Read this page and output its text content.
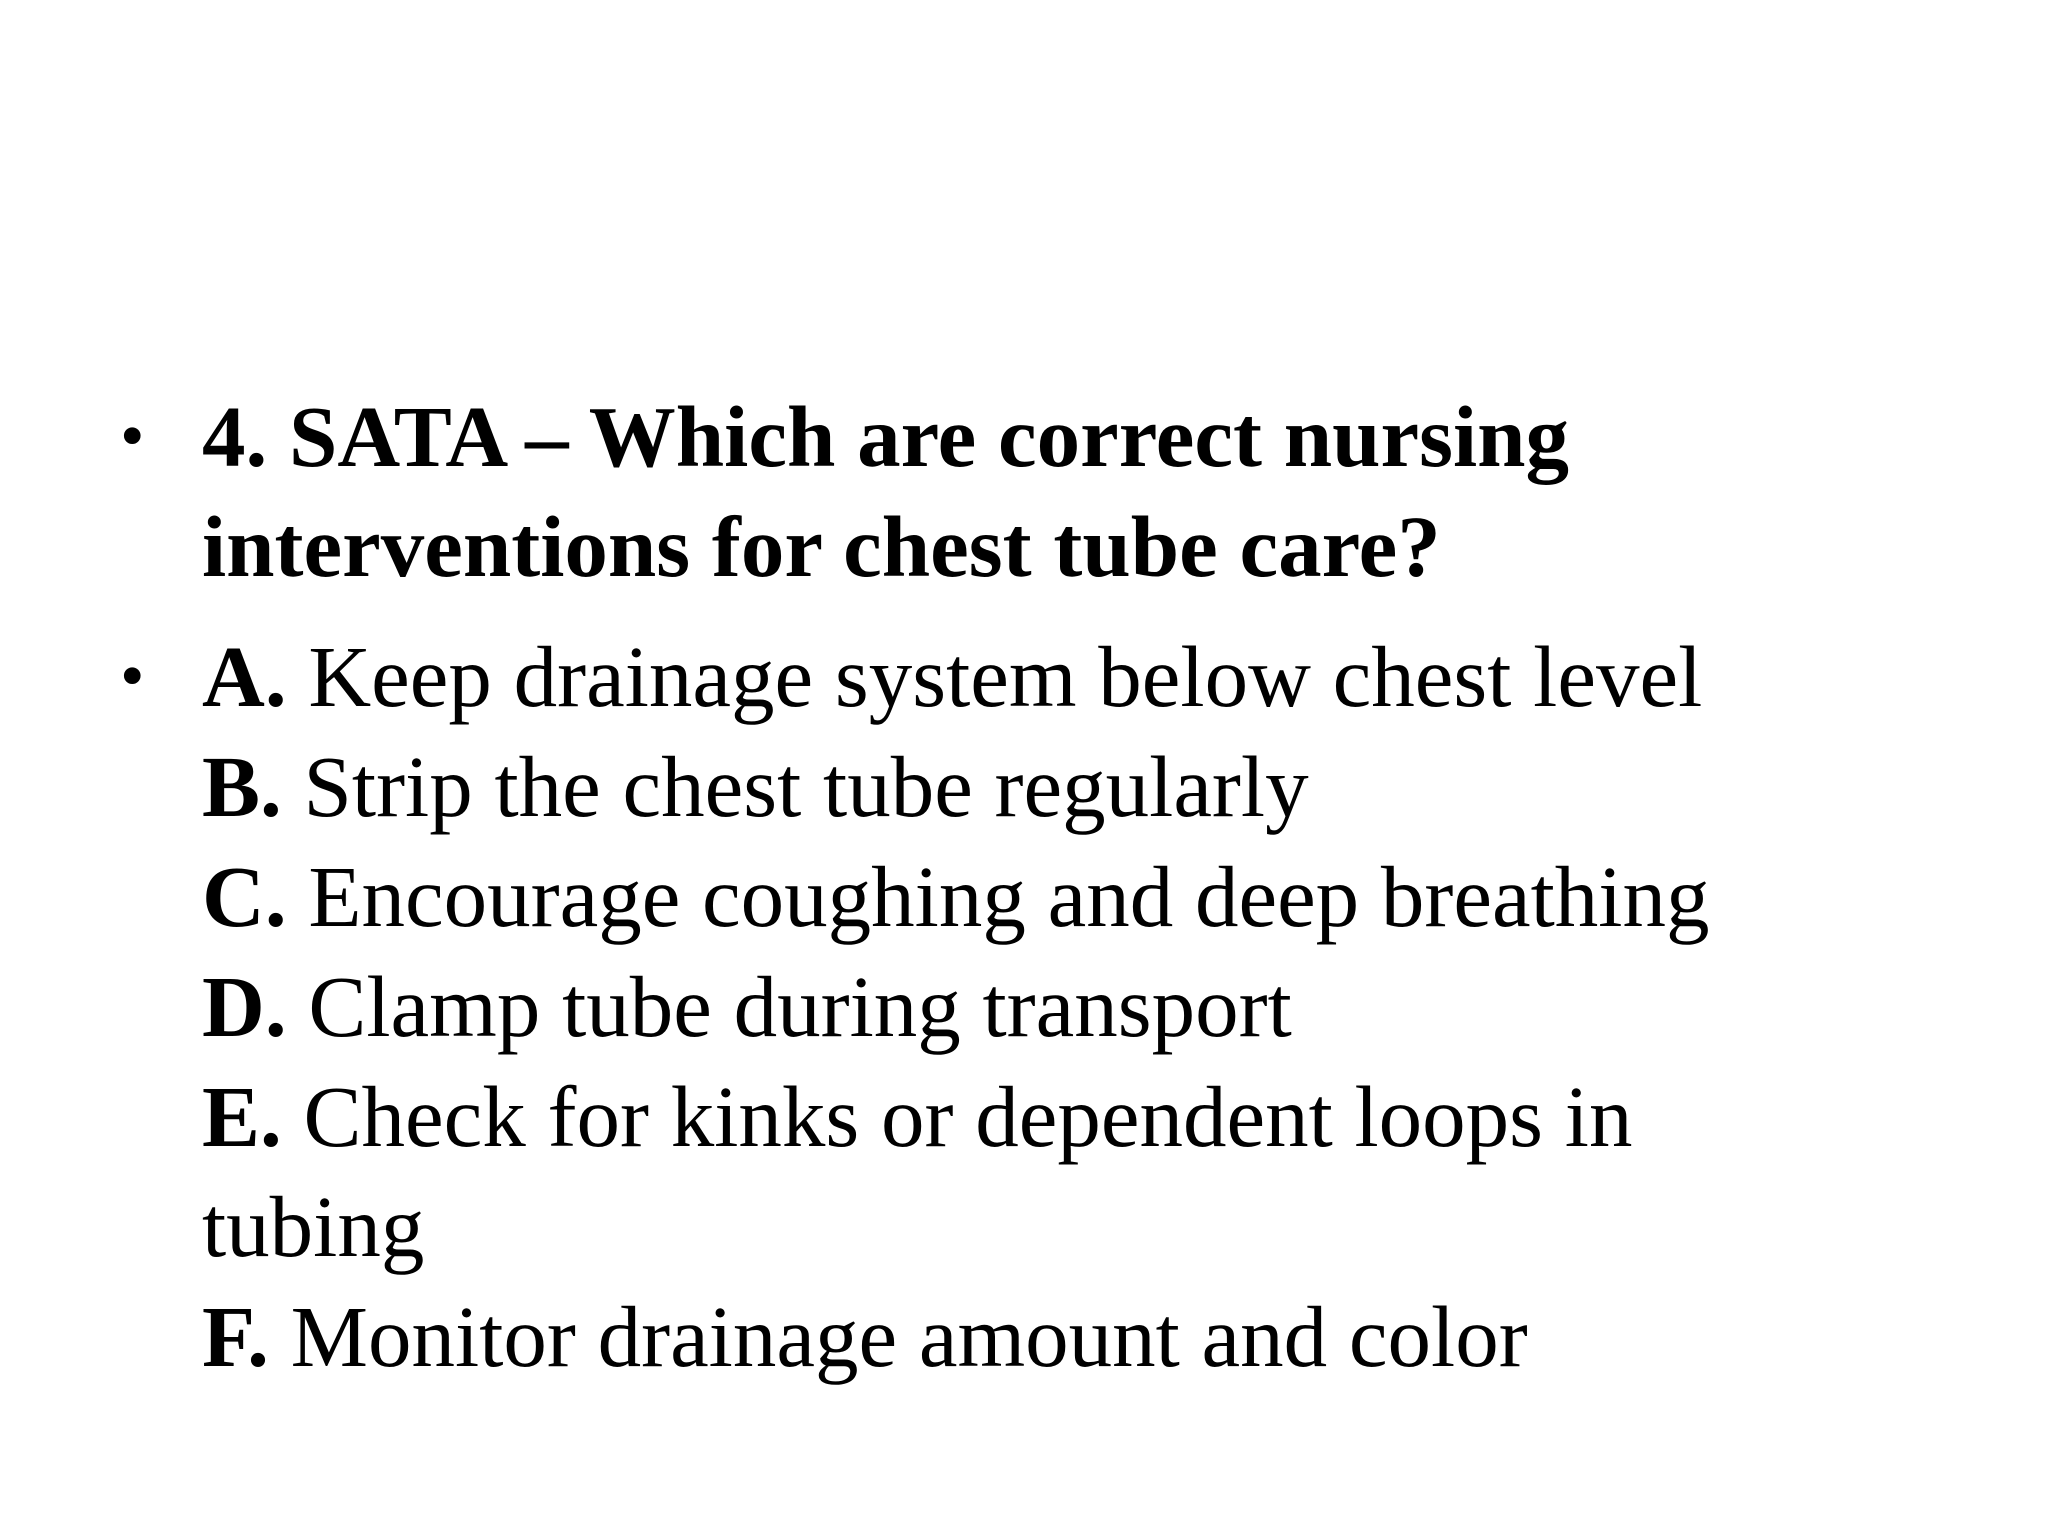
• 4. SATA – Which are correct nursing interventions for chest tube care?
• A. Keep drainage system below chest level
B. Strip the chest tube regularly
C. Encourage coughing and deep breathing
D. Clamp tube during transport
E. Check for kinks or dependent loops in tubing
F. Monitor drainage amount and color
